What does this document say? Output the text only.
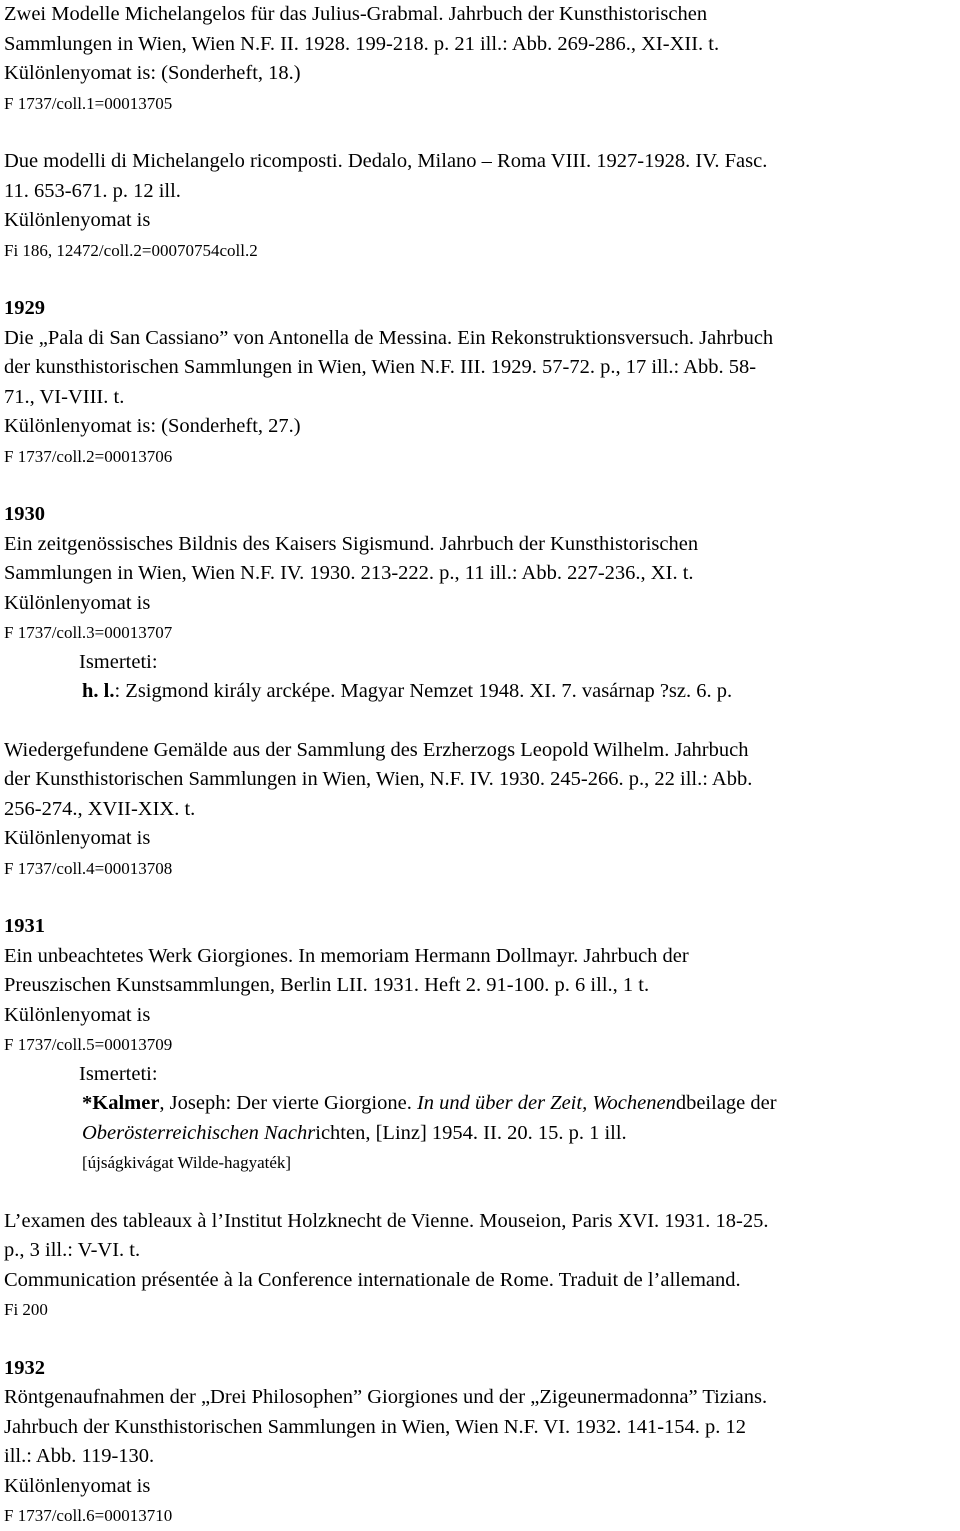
Zwei Modelle Michelangelos für das Julius-Grabmal. Jahrbuch der Kunsthistorischen
Sammlungen in Wien, Wien N.F. II. 1928. 199-218. p. 21 ill.: Abb. 269-286., XI-XII. t.
Különlenyomat is: (Sonderheft, 18.)
F 1737/coll.1=00013705
Due modelli di Michelangelo ricomposti. Dedalo, Milano – Roma VIII. 1927-1928. IV. Fasc.
11. 653-671. p. 12 ill.
Különlenyomat is
Fi 186, 12472/coll.2=00070754coll.2
1929
Die „Pala di San Cassiano” von Antonella de Messina. Ein Rekonstruktionsversuch. Jahrbuch
der kunsthistorischen Sammlungen in Wien, Wien N.F. III. 1929. 57-72. p., 17 ill.: Abb. 58-
71., VI-VIII. t.
Különlenyomat is: (Sonderheft, 27.)
F 1737/coll.2=00013706
1930
Ein zeitgenössisches Bildnis des Kaisers Sigismund. Jahrbuch der Kunsthistorischen
Sammlungen in Wien, Wien N.F. IV. 1930. 213-222. p., 11 ill.: Abb. 227-236., XI. t.
Különlenyomat is
F 1737/coll.3=00013707
Ismerteti:
h. l.: Zsigmond király arcképe. Magyar Nemzet 1948. XI. 7. vasárnap ?sz. 6. p.
Wiedergefundene Gemälde aus der Sammlung des Erzherzogs Leopold Wilhelm. Jahrbuch
der Kunsthistorischen Sammlungen in Wien, Wien, N.F. IV. 1930. 245-266. p., 22 ill.: Abb.
256-274., XVII-XIX. t.
Különlenyomat is
F 1737/coll.4=00013708
1931
Ein unbeachtetes Werk Giorgiones. In memoriam Hermann Dollmayr. Jahrbuch der
Preuszischen Kunstsammlungen, Berlin LII. 1931. Heft 2. 91-100. p. 6 ill., 1 t.
Különlenyomat is
F 1737/coll.5=00013709
Ismerteti:
*Kalmer, Joseph: Der vierte Giorgione. In und über der Zeit, Wochenendbeilage der
Oberösterreichischen Nachrichten, [Linz] 1954. II. 20. 15. p. 1 ill.
[újságkivágat Wilde-hagyaték]
L’examen des tableaux à l’Institut Holzknecht de Vienne. Mouseion, Paris XVI. 1931. 18-25.
p., 3 ill.: V-VI. t.
Communication présentée à la Conference internationale de Rome. Traduit de l’allemand.
Fi 200
1932
Röntgenaufnahmen der „Drei Philosophen” Giorgiones und der „Zigeunermadonna” Tizians.
Jahrbuch der Kunsthistorischen Sammlungen in Wien, Wien N.F. VI. 1932. 141-154. p. 12
ill.: Abb. 119-130.
Különlenyomat is
F 1737/coll.6=00013710
